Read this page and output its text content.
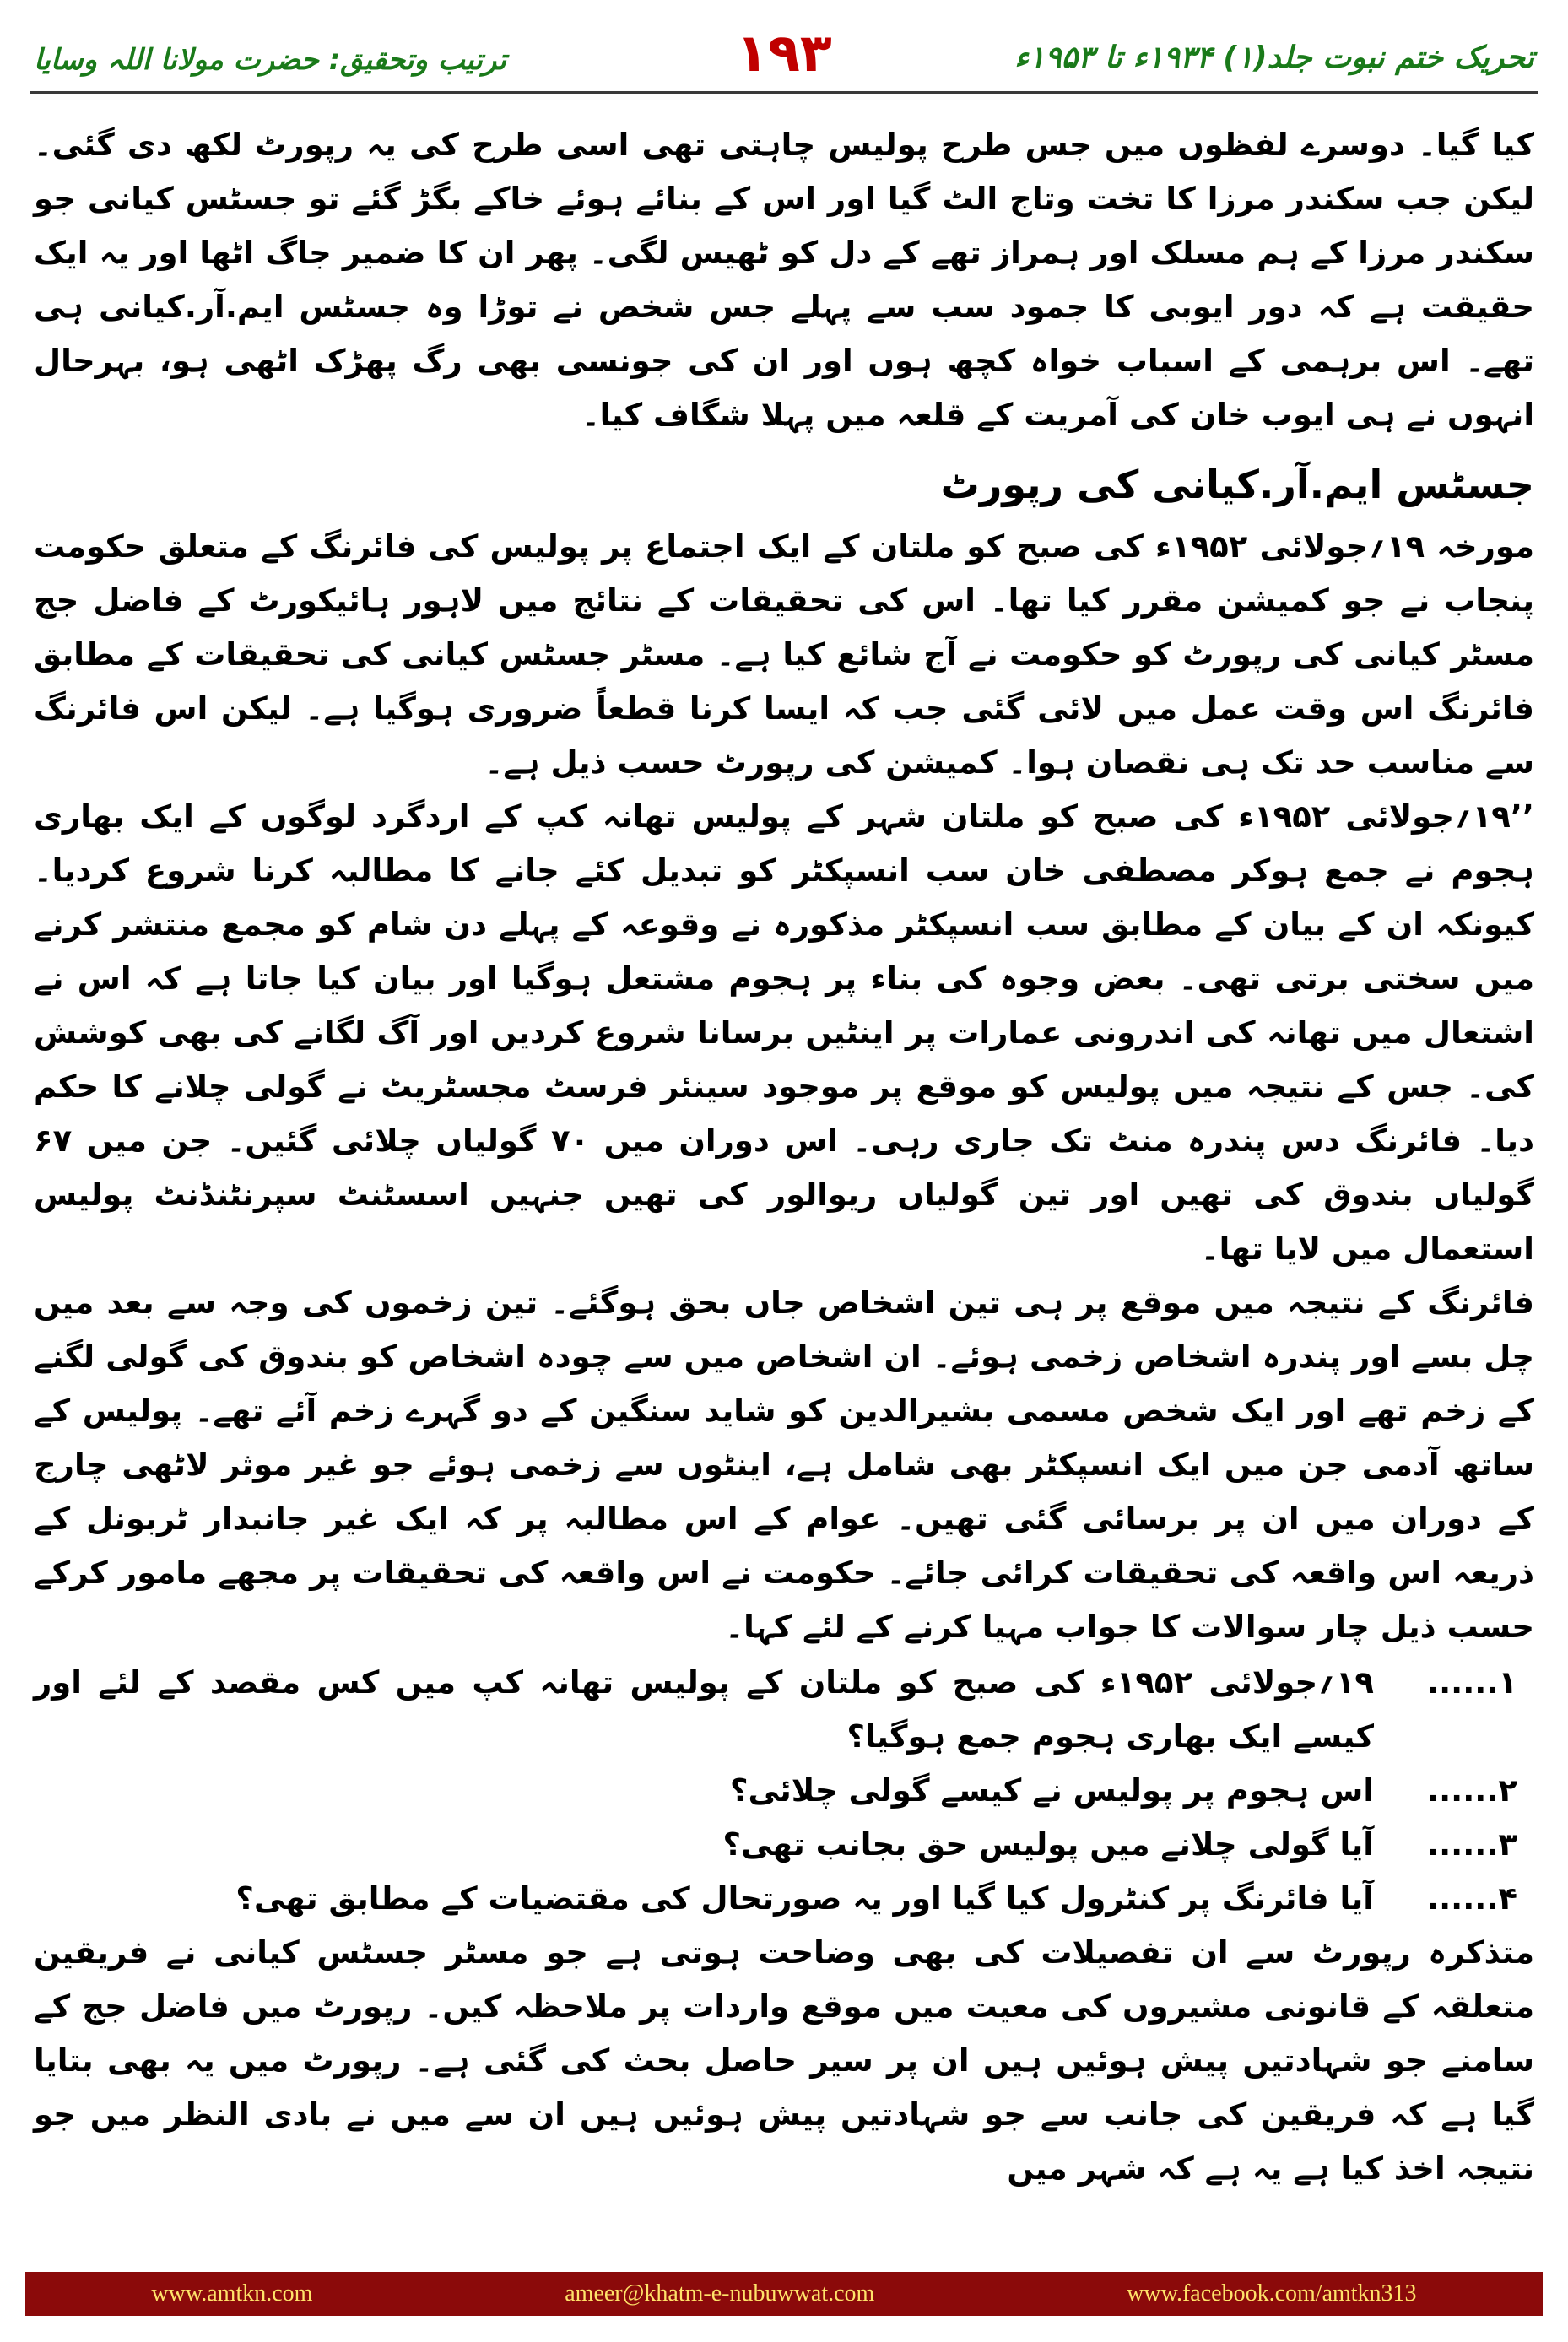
تحریک ختم نبوت جلد(۱) ۱۹۳۴ء تا ۱۹۵۳ء
۱۹۳
ترتیب وتحقیق: حضرت مولانا اللہ وسایا

کیا گیا۔ دوسرے لفظوں میں جس طرح پولیس چاہتی تھی اسی طرح کی یہ رپورٹ لکھ دی گئی۔ لیکن جب سکندر مرزا کا تخت وتاج الٹ گیا اور اس کے بنائے ہوئے خاکے بگڑ گئے تو جسٹس کیانی جو سکندر مرزا کے ہم مسلک اور ہمراز تھے کے دل کو ٹھیس لگی۔ پھر ان کا ضمیر جاگ اٹھا اور یہ ایک حقیقت ہے کہ دور ایوبی کا جمود سب سے پہلے جس شخص نے توڑا وہ جسٹس ایم.آر.کیانی ہی تھے۔ اس برہمی کے اسباب خواہ کچھ ہوں اور ان کی جونسی بھی رگ پھڑک اٹھی ہو، بہرحال انہوں نے ہی ایوب خان کی آمریت کے قلعہ میں پہلا شگاف کیا۔

جسٹس ایم.آر.کیانی کی رپورٹ

مورخہ ۱۹؍جولائی ۱۹۵۲ء کی صبح کو ملتان کے ایک اجتماع پر پولیس کی فائرنگ کے متعلق حکومت پنجاب نے جو کمیشن مقرر کیا تھا۔ اس کی تحقیقات کے نتائج میں لاہور ہائیکورٹ کے فاضل جج مسٹر کیانی کی رپورٹ کو حکومت نے آج شائع کیا ہے۔ مسٹر جسٹس کیانی کی تحقیقات کے مطابق فائرنگ اس وقت عمل میں لائی گئی جب کہ ایسا کرنا قطعاً ضروری ہوگیا ہے۔ لیکن اس فائرنگ سے مناسب حد تک ہی نقصان ہوا۔ کمیشن کی رپورٹ حسب ذیل ہے۔

’’۱۹؍جولائی ۱۹۵۲ء کی صبح کو ملتان شہر کے پولیس تھانہ کپ کے اردگرد لوگوں کے ایک بھاری ہجوم نے جمع ہوکر مصطفی خان سب انسپکٹر کو تبدیل کئے جانے کا مطالبہ کرنا شروع کردیا۔ کیونکہ ان کے بیان کے مطابق سب انسپکٹر مذکورہ نے وقوعہ کے پہلے دن شام کو مجمع منتشر کرنے میں سختی برتی تھی۔ بعض وجوہ کی بناء پر ہجوم مشتعل ہوگیا اور بیان کیا جاتا ہے کہ اس نے اشتعال میں تھانہ کی اندرونی عمارات پر اینٹیں برسانا شروع کردیں اور آگ لگانے کی بھی کوشش کی۔ جس کے نتیجہ میں پولیس کو موقع پر موجود سینئر فرسٹ مجسٹریٹ نے گولی چلانے کا حکم دیا۔ فائرنگ دس پندرہ منٹ تک جاری رہی۔ اس دوران میں ۷۰ گولیاں چلائی گئیں۔ جن میں ۶۷ گولیاں بندوق کی تھیں اور تین گولیاں ریوالور کی تھیں جنہیں اسسٹنٹ سپرنٹنڈنٹ پولیس استعمال میں لایا تھا۔

فائرنگ کے نتیجہ میں موقع پر ہی تین اشخاص جاں بحق ہوگئے۔ تین زخموں کی وجہ سے بعد میں چل بسے اور پندرہ اشخاص زخمی ہوئے۔ ان اشخاص میں سے چودہ اشخاص کو بندوق کی گولی لگنے کے زخم تھے اور ایک شخص مسمی بشیرالدین کو شاید سنگین کے دو گہرے زخم آئے تھے۔ پولیس کے ساتھ آدمی جن میں ایک انسپکٹر بھی شامل ہے، اینٹوں سے زخمی ہوئے جو غیر موثر لاٹھی چارج کے دوران میں ان پر برسائی گئی تھیں۔ عوام کے اس مطالبہ پر کہ ایک غیر جانبدار ٹربونل کے ذریعہ اس واقعہ کی تحقیقات کرائی جائے۔ حکومت نے اس واقعہ کی تحقیقات پر مجھے مامور کرکے حسب ذیل چار سوالات کا جواب مہیا کرنے کے لئے کہا۔

۱......
۱۹؍جولائی ۱۹۵۲ء کی صبح کو ملتان کے پولیس تھانہ کپ میں کس مقصد کے لئے اور کیسے ایک بھاری ہجوم جمع ہوگیا؟
۲......
اس ہجوم پر پولیس نے کیسے گولی چلائی؟
۳......
آیا گولی چلانے میں پولیس حق بجانب تھی؟
۴......
آیا فائرنگ پر کنٹرول کیا گیا اور یہ صورتحال کی مقتضیات کے مطابق تھی؟

متذکرہ رپورٹ سے ان تفصیلات کی بھی وضاحت ہوتی ہے جو مسٹر جسٹس کیانی نے فریقین متعلقہ کے قانونی مشیروں کی معیت میں موقع واردات پر ملاحظہ کیں۔ رپورٹ میں فاضل جج کے سامنے جو شہادتیں پیش ہوئیں ہیں ان پر سیر حاصل بحث کی گئی ہے۔ رپورٹ میں یہ بھی بتایا گیا ہے کہ فریقین کی جانب سے جو شہادتیں پیش ہوئیں ہیں ان سے میں نے بادی النظر میں جو نتیجہ اخذ کیا ہے یہ ہے کہ شہر میں

www.amtkn.com	ameer@khatm-e-nubuwwat.com	www.facebook.com/amtkn313
